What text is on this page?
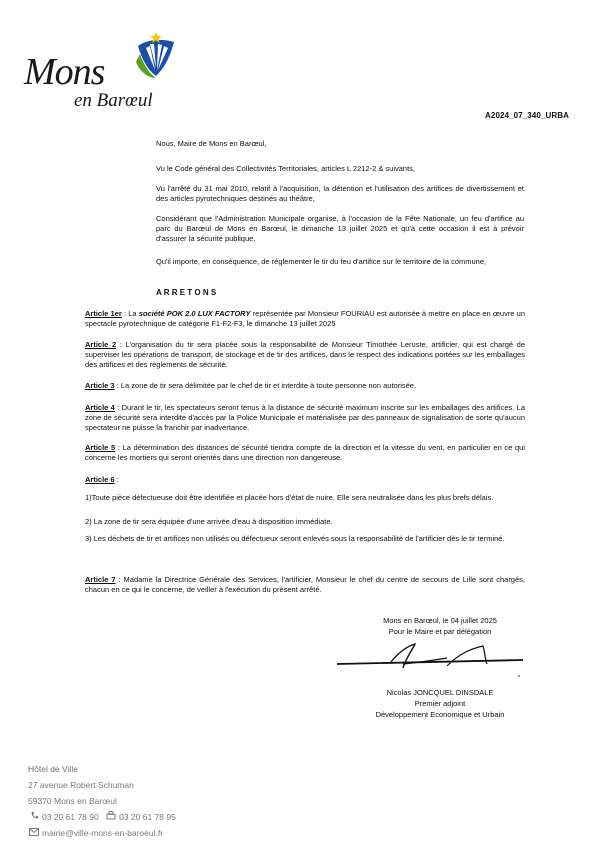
Mons
en Barœul
A2024_07_340_URBA
Nous, Maire de Mons en Barœul,
Vu le Code général des Collectivités Territoriales, articles L 2212-2 & suivants,
Vu l'arrêté du 31 mai 2010, relatif à l'acquisition, la détention et l'utilisation des artifices de divertissement et des articles pyrotechniques destinés au théâtre,
Considérant que l'Administration Municipale organise, à l'occasion de la Fête Nationale, un feu d'artifice au parc du Barœul de Mons en Barœul, le dimanche 13 juillet 2025 et qu'à cette occasion il est à prévoir d'assurer la sécurité publique,
Qu'il importe, en conséquence, de réglementer le tir du feu d'artifice sur le territoire de la commune,
A R R E T O N S
Article 1er : La société POK 2.0 LUX FACTORY représentée par Monsieur FOURIAU est autorisée à mettre en place en œuvre un spectacle pyrotechnique de catégorie F1-F2-F3, le dimanche 13 juillet 2025
Article 2 : L'organisation du tir sera placée sous la responsabilité de Monsieur Timothée Leruste, artificier, qui est chargé de superviser les opérations de transport, de stockage et de tir des artifices, dans le respect des indications portées sur les emballages des artifices et des règlements de sécurité.
Article 3 : La zone de tir sera délimitée par le chef de tir et interdite à toute personne non autorisée.
Article 4 : Durant le tir, les spectateurs seront tenus à la distance de sécurité maximum inscrite sur les emballages des artifices. La zone de sécurité sera interdite d'accès par la Police Municipale et matérialisée par des panneaux de signalisation de sorte qu'aucun spectateur ne puisse la franchir par inadvertance.
Article 5 : La détermination des distances de sécurité tiendra compte de la direction et la vitesse du vent, en particulier en ce qui concerne les mortiers qui seront orientés dans une direction non dangereuse.
Article 6 :
1)Toute pièce défectueuse doit être identifiée et placée hors d'état de nuire. Elle sera neutralisée dans les plus brefs délais.
2) La zone de tir sera équipée d'une arrivée d'eau à disposition immédiate.
3) Les déchets de tir et artifices non utilisés ou défectueux seront enlevés sous la responsabilité de l'artificier dès le tir terminé.
Article 7 : Madame la Directrice Générale des Services, l'artificier, Monsieur le chef du centre de secours de Lille sont chargés, chacun en ce qui le concerne, de veiller à l'exécution du présent arrêté.
Mons en Barœul, le 04 juillet 2025
Pour le Maire et par délégation
Nicolas JONCQUEL DINSDALE
Premier adjoint
Développement Economique et Urbain
Hôtel de Ville
27 avenue Robert Schuman
59370 Mons en Barœul
03 20 61 78 90 03 20 61 78 95
mairie@ville-mons-en-baroeul.fr
